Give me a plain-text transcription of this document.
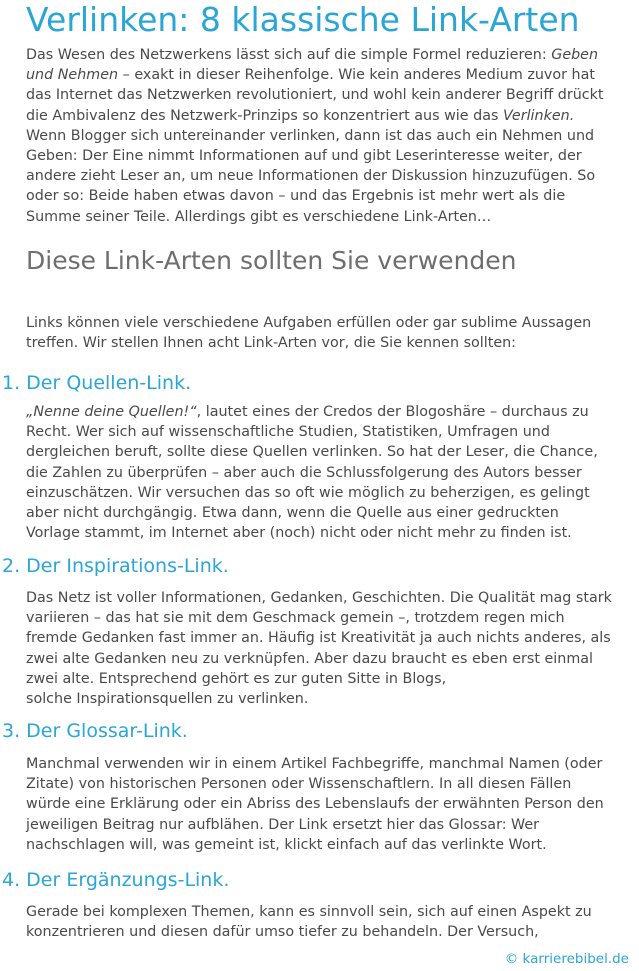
Verlinken: 8 klassische Link-Arten
Das Wesen des Netzwerkens lässt sich auf die simple Formel reduzieren: Geben
und Nehmen – exakt in dieser Reihenfolge. Wie kein anderes Medium zuvor hat
das Internet das Netzwerken revolutioniert, und wohl kein anderer Begriff drückt
die Ambivalenz des Netzwerk-Prinzips so konzentriert aus wie das Verlinken.
Wenn Blogger sich untereinander verlinken, dann ist das auch ein Nehmen und
Geben: Der Eine nimmt Informationen auf und gibt Leserinteresse weiter, der
andere zieht Leser an, um neue Informationen der Diskussion hinzuzufügen. So
oder so: Beide haben etwas davon – und das Ergebnis ist mehr wert als die
Summe seiner Teile. Allerdings gibt es verschiedene Link-Arten…
Diese Link-Arten sollten Sie verwenden
Links können viele verschiedene Aufgaben erfüllen oder gar sublime Aussagen
treffen. Wir stellen Ihnen acht Link-Arten vor, die Sie kennen sollten:
1. Der Quellen-Link.
„Nenne deine Quellen!“, lautet eines der Credos der Blogoshäre – durchaus zu
Recht. Wer sich auf wissenschaftliche Studien, Statistiken, Umfragen und
dergleichen beruft, sollte diese Quellen verlinken. So hat der Leser, die Chance,
die Zahlen zu überprüfen – aber auch die Schlussfolgerung des Autors besser
einzuschätzen. Wir versuchen das so oft wie möglich zu beherzigen, es gelingt
aber nicht durchgängig. Etwa dann, wenn die Quelle aus einer gedruckten
Vorlage stammt, im Internet aber (noch) nicht oder nicht mehr zu finden ist.
2. Der Inspirations-Link.
Das Netz ist voller Informationen, Gedanken, Geschichten. Die Qualität mag stark
variieren – das hat sie mit dem Geschmack gemein –, trotzdem regen mich
fremde Gedanken fast immer an. Häufig ist Kreativität ja auch nichts anderes, als
zwei alte Gedanken neu zu verknüpfen. Aber dazu braucht es eben erst einmal
zwei alte. Entsprechend gehört es zur guten Sitte in Blogs,
solche Inspirationsquellen zu verlinken.
3. Der Glossar-Link.
Manchmal verwenden wir in einem Artikel Fachbegriffe, manchmal Namen (oder
Zitate) von historischen Personen oder Wissenschaftlern. In all diesen Fällen
würde eine Erklärung oder ein Abriss des Lebenslaufs der erwähnten Person den
jeweiligen Beitrag nur aufblähen. Der Link ersetzt hier das Glossar: Wer
nachschlagen will, was gemeint ist, klickt einfach auf das verlinkte Wort.
4. Der Ergänzungs-Link.
Gerade bei komplexen Themen, kann es sinnvoll sein, sich auf einen Aspekt zu
konzentrieren und diesen dafür umso tiefer zu behandeln. Der Versuch,
© karrierebibel.de
